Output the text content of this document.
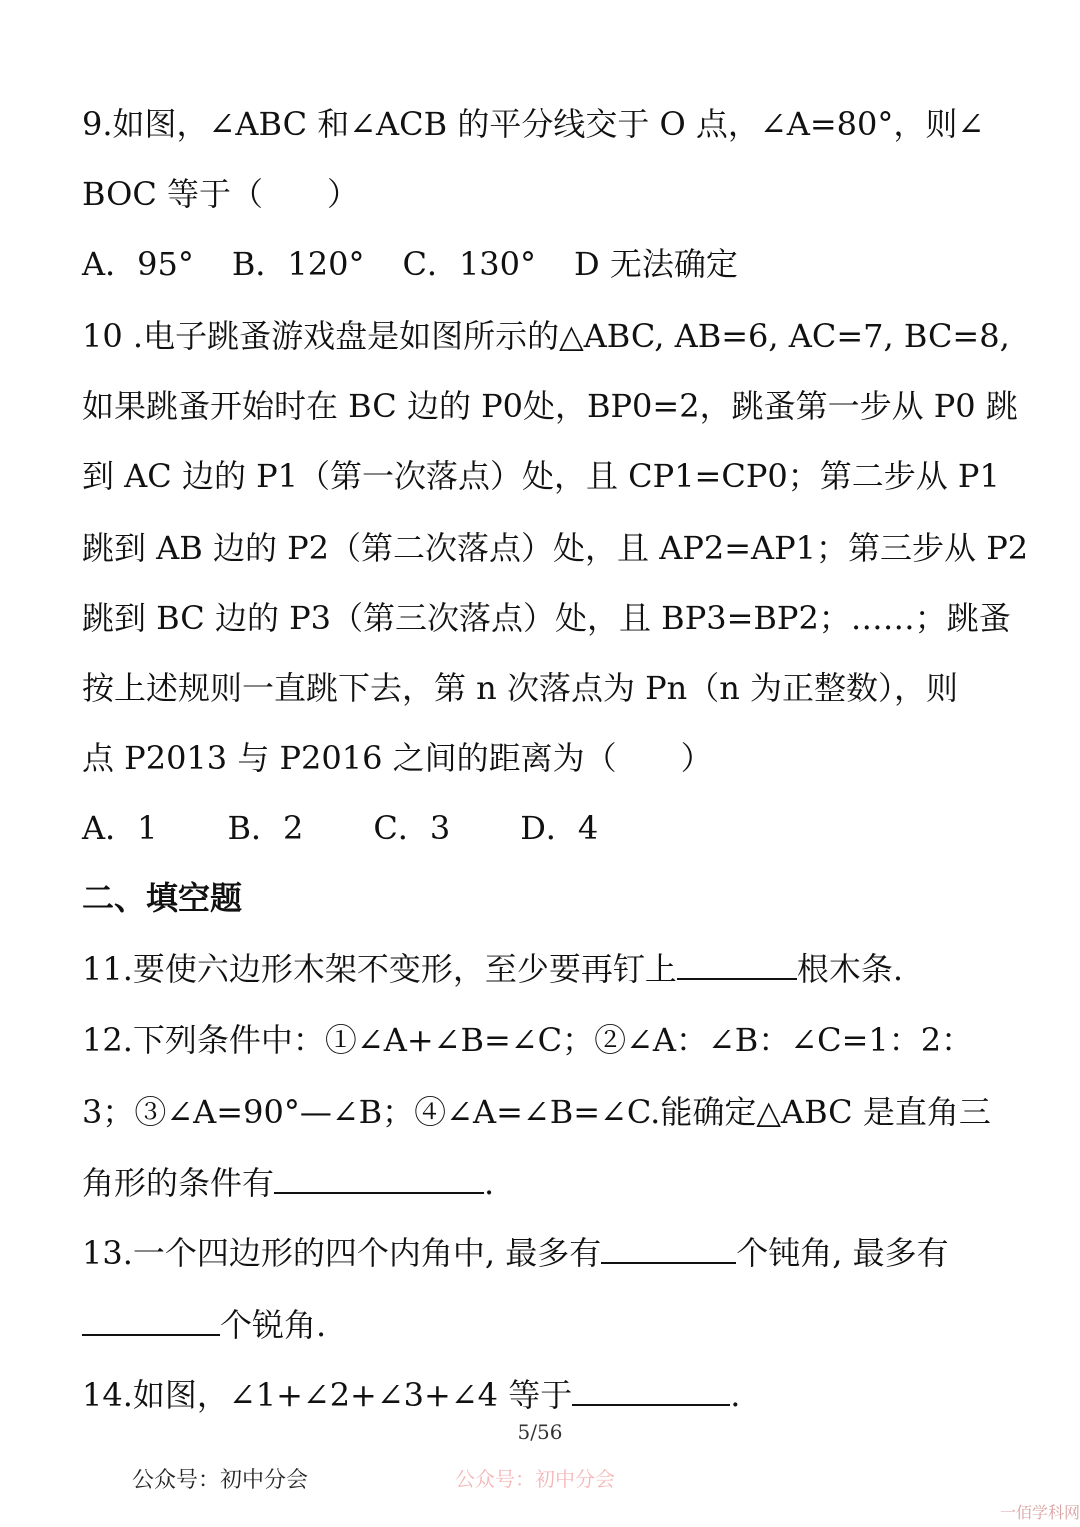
9.如图，∠ABC 和∠ACB 的平分线交于 O 点，∠A=80°，则∠
BOC 等于（　　）
A．95° B．120° C．130° D 无法确定
10 .电子跳蚤游戏盘是如图所示的△ABC, AB=6, AC=7, BC=8,
如果跳蚤开始时在 BC 边的 P0处，BP0=2，跳蚤第一步从 P0 跳
到 AC 边的 P1（第一次落点）处，且 CP1=CP0；第二步从 P1
跳到 AB 边的 P2（第二次落点）处，且 AP2=AP1；第三步从 P2
跳到 BC 边的 P3（第三次落点）处，且 BP3=BP2；……；跳蚤
按上述规则一直跳下去，第 n 次落点为 Pn（n 为正整数），则
点 P2013 与 P2016 之间的距离为（　　）
A．1 B．2 C．3 D．4
二、填空题
11.要使六边形木架不变形，至少要再钉上	根木条.
12.下列条件中：①∠A+∠B=∠C；②∠A：∠B：∠C=1：2：
3；③∠A=90°—∠B；④∠A=∠B=∠C.能确定△ABC 是直角三
角形的条件有	.
13.一个四边形的四个内角中, 最多有	个钝角, 最多有
个锐角.
14.如图，∠1+∠2+∠3+∠4 等于	.
5/56
公众号：初中分会	公众号：初中分会
一佰学科网
